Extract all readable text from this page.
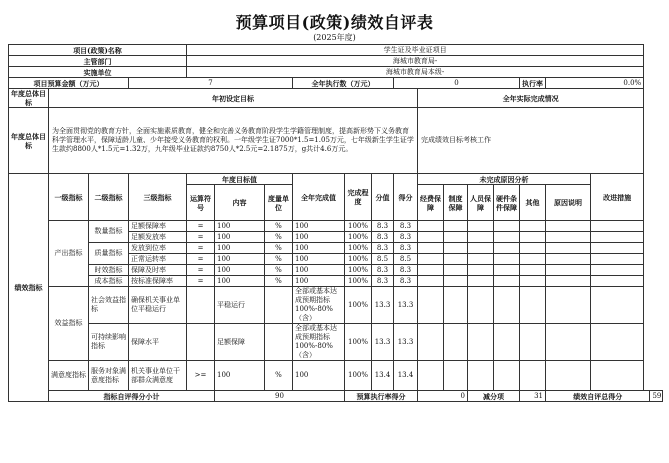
预算项目(政策)绩效自评表
(2025年度)
项目(政策)名称				学生证及毕业证项目														
主管部门				海城市教育局-														
实施单位				海城市教育局本级-														
项目预算金额（万元）			7				全年执行数（万元）			0					执行率	0.0%		
年度总体目标	年初设定目标										全年实际完成情况							
年度总体目标	为全面贯彻党的教育方针，全面实施素质教育，健全和完善义务教育阶段学生学籍管理制度，提高新形势下义务教育科学管理水平，保障适龄儿童、少年接受义务教育的权利。一年级学生证7000*1.5=1.05万元，七年级新生学生证学生款约8800人*1.5元=1.32万，九年级毕业证款约8750人*2.5元=2.1875万，g共计4.6万元。										完成绩效目标考核工作							
绩效指标	一级指标	二级指标	三级指标	年度目标值			全年完成值	完成程度	分值	得分	未完成原因分析						改进措施	
				运算符号	内容	度量单位					经费保障	制度保障	人员保障	硬件条件保障	其他	原因说明		
	产出指标	数量指标	足额保障率	=	100	%	100	100%	8.3	8.3								
			足额发放率	=	100	%	100	100%	8.3	8.3								
		质量指标	发放到位率	=	100	%	100	100%	8.3	8.3								
			正常运转率	=	100	%	100	100%	8.5	8.5								
		时效指标	保障及时率	=	100	%	100	100%	8.3	8.3								
		成本指标	按标准保障率	=	100	%	100	100%	8.3	8.3								
	效益指标	社会效益指标	确保机关事业单位平稳运行		平稳运行		全部或基本达成预期指标100%-80%（含）	100%	13.3	13.3								
		可持续影响指标	保障水平		足额保障		全部或基本达成预期指标100%-80%（含）	100%	13.3	13.3								
	满意度指标	服务对象满意度指标	机关事业单位干部群众满意度	>=	100	%	100	100%	13.4	13.4								
	指标自评得分小计				90			预算执行率得分			0		减分项		31	绩效自评总得分		59
